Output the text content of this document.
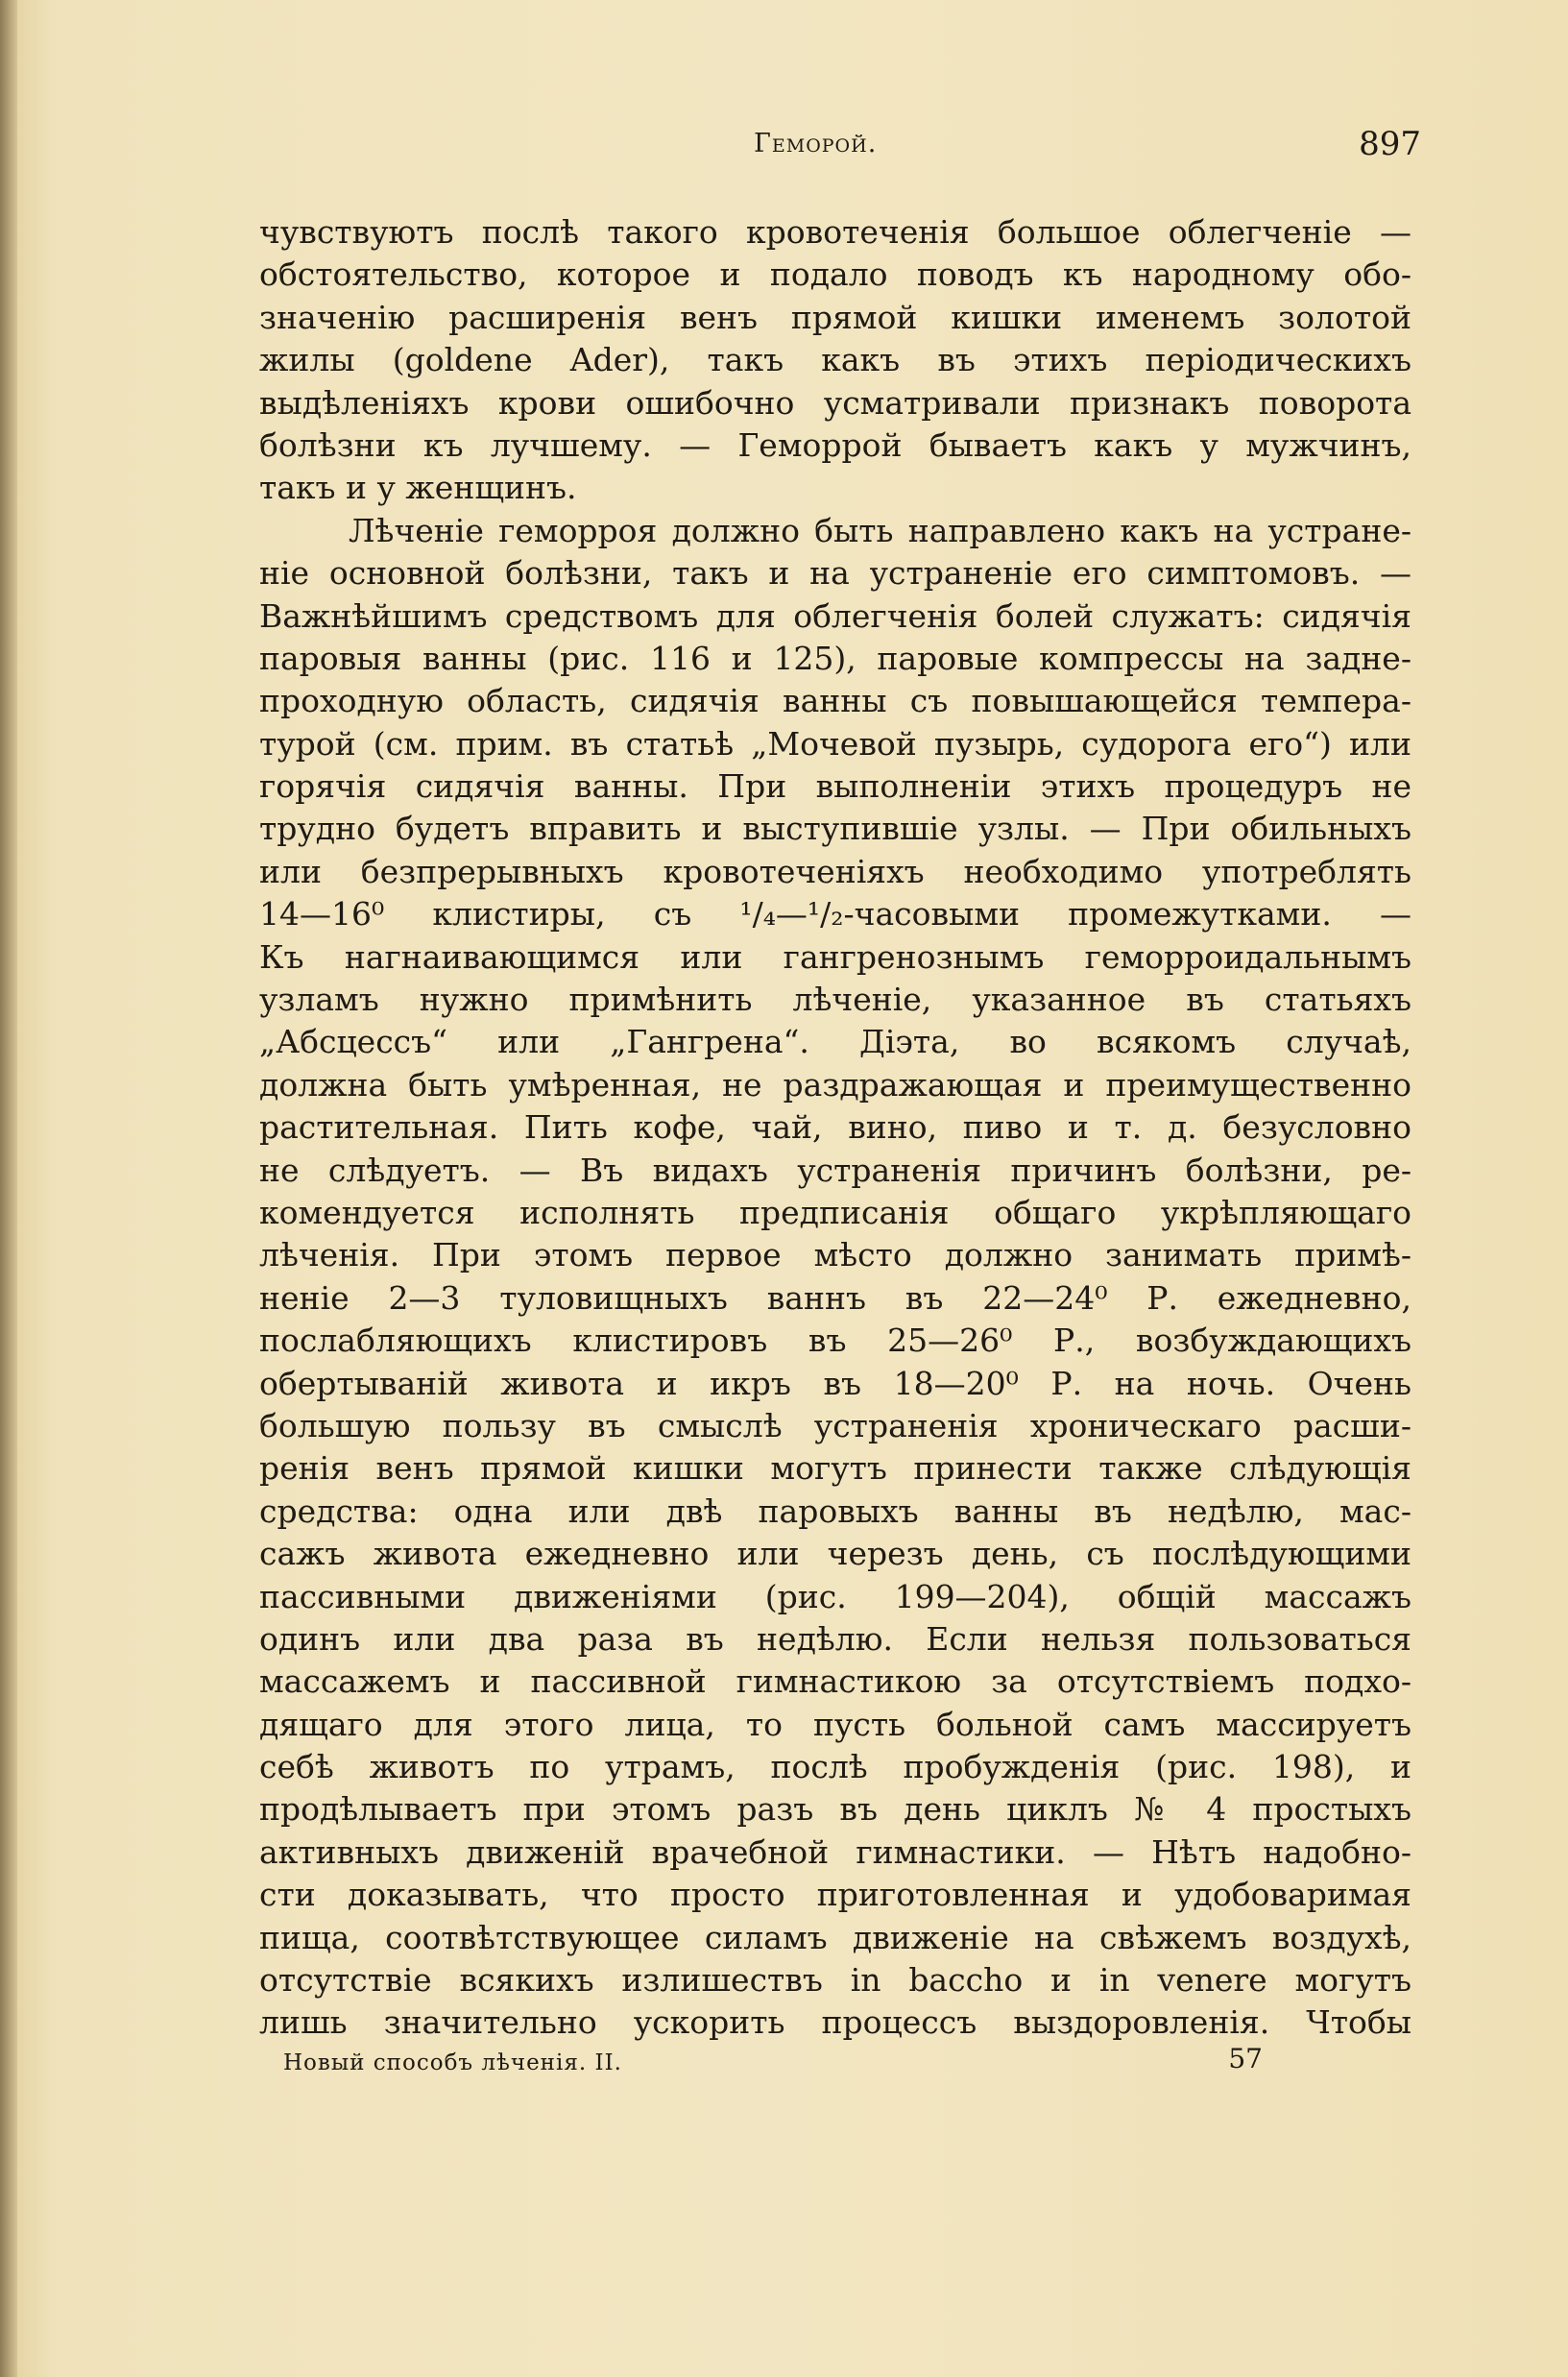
Геморой.	897
чувствуютъ послѣ такого кровотеченія большое облегченіе —
обстоятельство, которое и подало поводъ къ народному обо-
значенію расширенія венъ прямой кишки именемъ золотой
жилы (goldene Ader), такъ какъ въ этихъ періодическихъ
выдѣленіяхъ крови ошибочно усматривали признакъ поворота
болѣзни къ лучшему. — Геморрой бываетъ какъ у мужчинъ,
такъ и у женщинъ.
Лѣченіе геморроя должно быть направлено какъ на устране-
ніе основной болѣзни, такъ и на устраненіе его симптомовъ. —
Важнѣйшимъ средствомъ для облегченія болей служатъ: сидячія
паровыя ванны (рис. 116 и 125), паровые компрессы на задне-
проходную область, сидячія ванны съ повышающейся темпера-
турой (см. прим. въ статьѣ „Мочевой пузырь, судорога его“) или
горячія сидячія ванны. При выполненіи этихъ процедуръ не
трудно будетъ вправить и выступившіе узлы. — При обильныхъ
или безпрерывныхъ кровотеченіяхъ необходимо употреблять
14—16⁰ клистиры, съ ¹/₄—¹/₂-часовыми промежутками. —
Къ нагнаивающимся или гангренознымъ геморроидальнымъ
узламъ нужно примѣнить лѣченіе, указанное въ статьяхъ
„Абсцессъ“ или „Гангрена“. Діэта, во всякомъ случаѣ,
должна быть умѣренная, не раздражающая и преимущественно
растительная. Пить кофе, чай, вино, пиво и т. д. безусловно
не слѣдуетъ. — Въ видахъ устраненія причинъ болѣзни, ре-
комендуется исполнять предписанія общаго укрѣпляющаго
лѣченія. При этомъ первое мѣсто должно занимать примѣ-
неніе 2—3 туловищныхъ ваннъ въ 22—24⁰ Р. ежедневно,
послабляющихъ клистировъ въ 25—26⁰ Р., возбуждающихъ
обертываній живота и икръ въ 18—20⁰ Р. на ночь. Очень
большую пользу въ смыслѣ устраненія хроническаго расши-
ренія венъ прямой кишки могутъ принести также слѣдующія
средства: одна или двѣ паровыхъ ванны въ недѣлю, мас-
сажъ живота ежедневно или черезъ день, съ послѣдующими
пассивными движеніями (рис. 199—204), общій массажъ
одинъ или два раза въ недѣлю. Если нельзя пользоваться
массажемъ и пассивной гимнастикою за отсутствіемъ подхо-
дящаго для этого лица, то пусть больной самъ массируетъ
себѣ животъ по утрамъ, послѣ пробужденія (рис. 198), и
продѣлываетъ при этомъ разъ въ день циклъ № 4 простыхъ
активныхъ движеній врачебной гимнастики. — Нѣтъ надобно-
сти доказывать, что просто приготовленная и удобоваримая
пища, соотвѣтствующее силамъ движеніе на свѣжемъ воздухѣ,
отсутствіе всякихъ излишествъ in baccho и in venere могутъ
лишь значительно ускорить процессъ выздоровленія. Чтобы
Новый способъ лѣченія. II.	57
